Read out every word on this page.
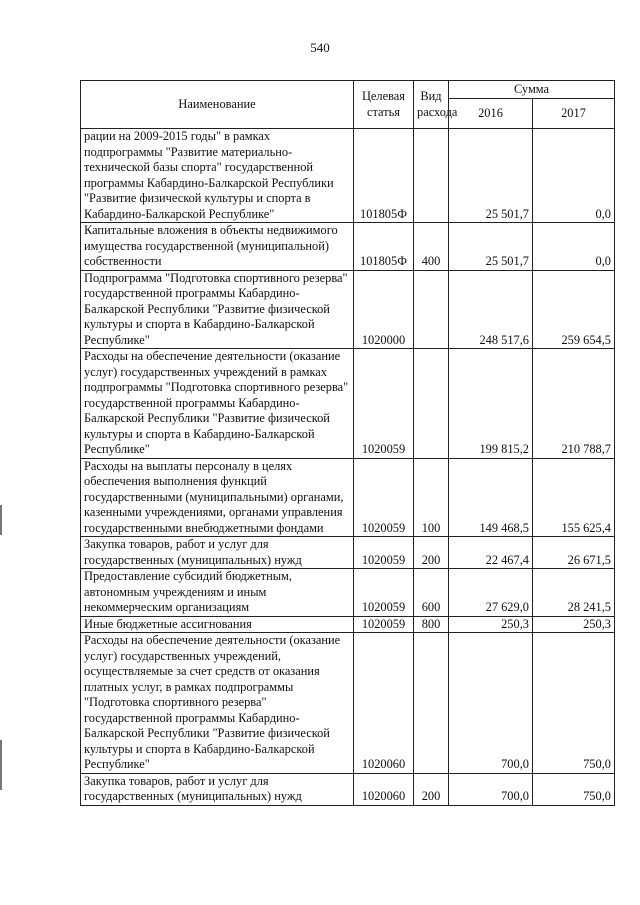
540
Наименование	Целевая статья	Вид расхода	Сумма	
			2016	2017
рации на 2009-2015 годы" в рамках подпрограммы "Развитие материально-технической базы спорта" государственной программы Кабардино-Балкарской Республики "Развитие физической культуры и спорта в Кабардино-Балкарской Республике"	101805Ф		25 501,7	0,0
Капитальные вложения в объекты недвижимого имущества государственной (муниципальной) собственности	101805Ф	400	25 501,7	0,0
Подпрограмма "Подготовка спортивного резерва" государственной программы Кабардино-Балкарской Республики "Развитие физической культуры и спорта в Кабардино-Балкарской Республике"	1020000		248 517,6	259 654,5
Расходы на обеспечение деятельности (оказание услуг) государственных учреждений в рамках подпрограммы "Подготовка спортивного резерва" государственной программы Кабардино-Балкарской Республики "Развитие физической культуры и спорта в Кабардино-Балкарской Республике"	1020059		199 815,2	210 788,7
Расходы на выплаты персоналу в целях обеспечения выполнения функций государственными (муниципальными) органами, казенными учреждениями, органами управления государственными внебюджетными фондами	1020059	100	149 468,5	155 625,4
Закупка товаров, работ и услуг для государственных (муниципальных) нужд	1020059	200	22 467,4	26 671,5
Предоставление субсидий бюджетным, автономным учреждениям и иным некоммерческим организациям	1020059	600	27 629,0	28 241,5
Иные бюджетные ассигнования	1020059	800	250,3	250,3
Расходы на обеспечение деятельности (оказание услуг) государственных учреждений, осуществляемые за счет средств от оказания платных услуг, в рамках подпрограммы "Подготовка спортивного резерва" государственной программы Кабардино-Балкарской Республики "Развитие физической культуры и спорта в Кабардино-Балкарской Республике"	1020060		700,0	750,0
Закупка товаров, работ и услуг для государственных (муниципальных) нужд	1020060	200	700,0	750,0
